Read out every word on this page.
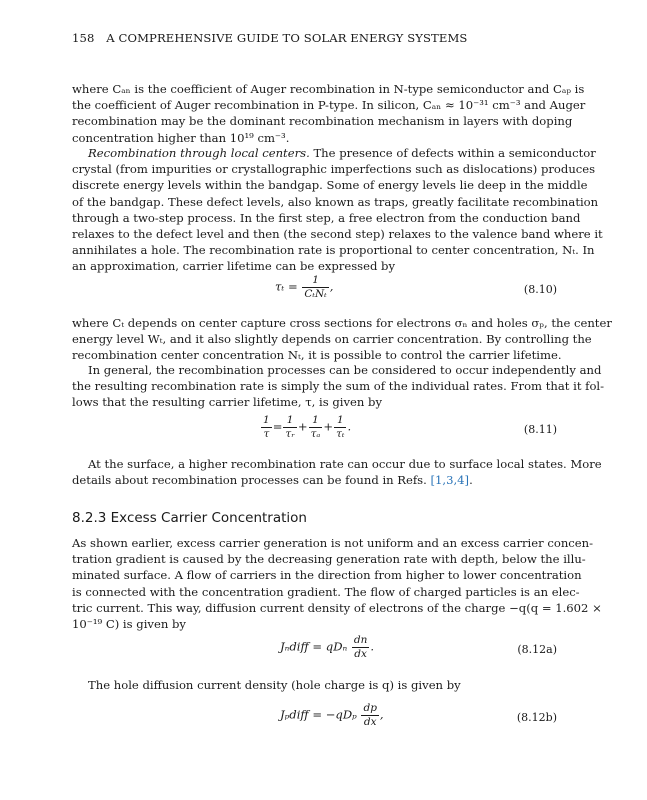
158 A COMPREHENSIVE GUIDE TO SOLAR ENERGY SYSTEMS
where Cₐₙ is the coefficient of Auger recombination in N-type semiconductor and Cₐₚ is
the coefficient of Auger recombination in P-type. In silicon, Cₐₙ ≈ 10⁻³¹ cm⁻³ and Auger
recombination may be the dominant recombination mechanism in layers with doping
concentration higher than 10¹⁹ cm⁻³.
Recombination through local centers. The presence of defects within a semiconductor
crystal (from impurities or crystallographic imperfections such as dislocations) produces
discrete energy levels within the bandgap. Some of energy levels lie deep in the middle
of the bandgap. These defect levels, also known as traps, greatly facilitate recombination
through a two-step process. In the first step, a free electron from the conduction band
relaxes to the defect level and then (the second step) relaxes to the valence band where it
annihilates a hole. The recombination rate is proportional to center concentration, Nₜ. In
an approximation, carrier lifetime can be expressed by
$\tau_t = \frac{1}{\text{CₜNₜ}}$ ,	(8.10)
where Cₜ depends on center capture cross sections for electrons σₙ and holes σₚ, the center
energy level Wₜ, and it also slightly depends on carrier concentration. By controlling the
recombination center concentration Nₜ, it is possible to control the carrier lifetime.
In general, the recombination processes can be considered to occur independently and
the resulting recombination rate is simply the sum of the individual rates. From that it fol-
lows that the resulting carrier lifetime, τ, is given by
$\frac{1}{\tau} = \frac{1}{\text{τᵣ}} + \frac{1}{\text{τₐ}} + \frac{1}{\text{τₜ}}$ .	(8.11)
At the surface, a higher recombination rate can occur due to surface local states. More
details about recombination processes can be found in Refs. [1,3,4].
8.2.3 Excess Carrier Concentration
As shown earlier, excess carrier generation is not uniform and an excess carrier concen-
tration gradient is caused by the decreasing generation rate with depth, below the illu-
minated surface. A flow of carriers in the direction from higher to lower concentration
is connected with the concentration gradient. The flow of charged particles is an elec-
tric current. This way, diffusion current density of electrons of the charge −q(q = 1.602 ×
10⁻¹⁹ C) is given by
Jₙdiff = qDₙ $\frac{dn}{dx}$ .	(8.12a)
The hole diffusion current density (hole charge is q) is given by
Jₚdiff = $-qD_p \frac{dp}{dx}$ ,	(8.12b)
